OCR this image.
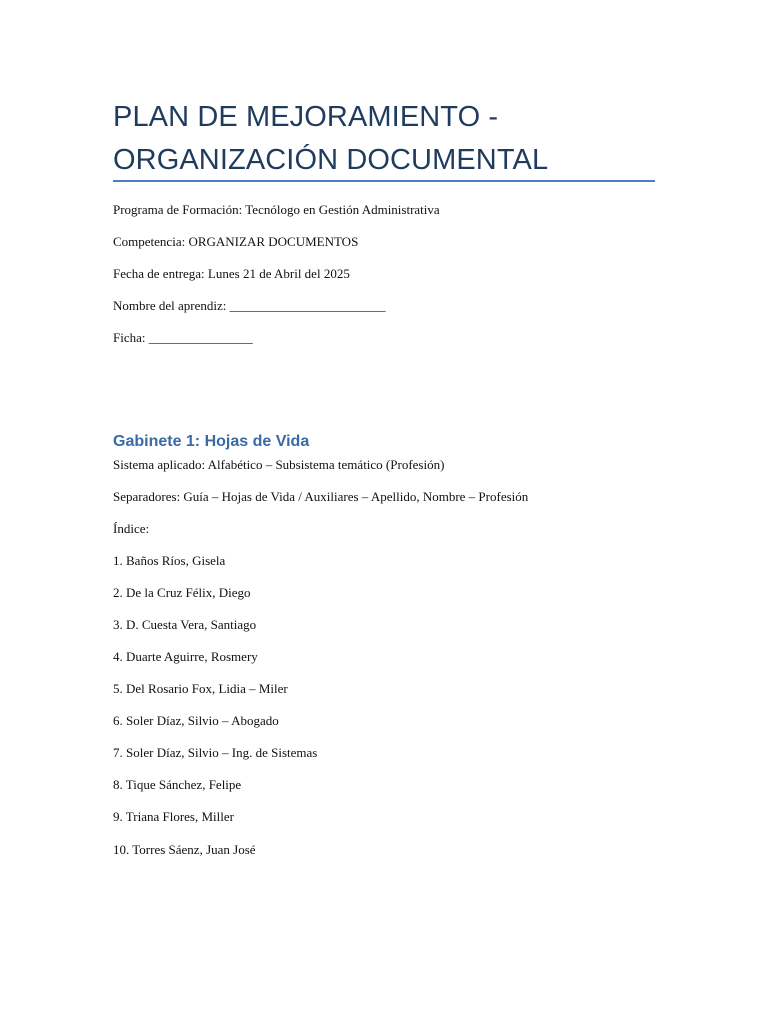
PLAN DE MEJORAMIENTO -
ORGANIZACIÓN DOCUMENTAL
Programa de Formación: Tecnólogo en Gestión Administrativa
Competencia: ORGANIZAR DOCUMENTOS
Fecha de entrega: Lunes 21 de Abril del 2025
Nombre del aprendiz: ________________________
Ficha: ________________
Gabinete 1: Hojas de Vida
Sistema aplicado: Alfabético – Subsistema temático (Profesión)
Separadores: Guía – Hojas de Vida / Auxiliares – Apellido, Nombre – Profesión
Índice:
1. Baños Ríos, Gisela
2. De la Cruz Félix, Diego
3. D. Cuesta Vera, Santiago
4. Duarte Aguirre, Rosmery
5. Del Rosario Fox, Lidia – Miler
6. Soler Díaz, Silvio – Abogado
7. Soler Díaz, Silvio – Ing. de Sistemas
8. Tique Sánchez, Felipe
9. Triana Flores, Miller
10. Torres Sáenz, Juan José
